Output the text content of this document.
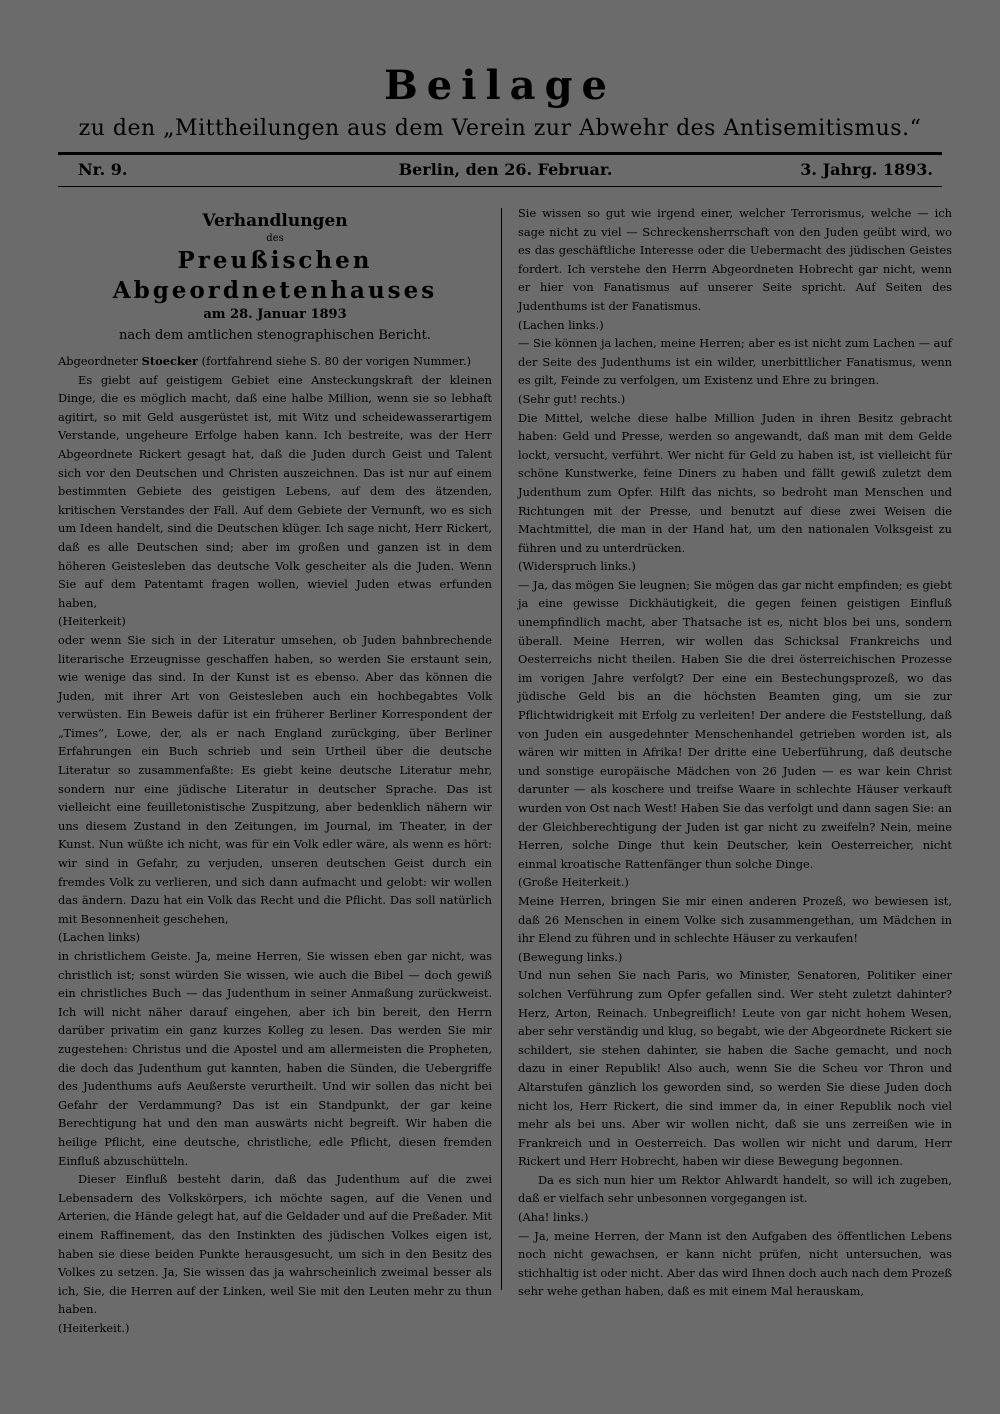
Beilage
zu den „Mittheilungen aus dem Verein zur Abwehr des Antisemitismus.“
Nr. 9.	Berlin, den 26. Februar.	3. Jahrg. 1893.
Verhandlungen
des
Preußischen Abgeordnetenhauses
am 28. Januar 1893
nach dem amtlichen stenographischen Bericht.

Abgeordneter Stoecker (fortfahrend siehe S. 80 der vorigen Nummer.)

Es giebt auf geistigem Gebiet eine Ansteckungskraft der kleinen Dinge, die es möglich macht, daß eine halbe Million, wenn sie so lebhaft agitirt, so mit Geld ausgerüstet ist, mit Witz und scheidewasserartigem Verstande, ungeheure Erfolge haben kann. Ich bestreite, was der Herr Abgeordnete Rickert gesagt hat, daß die Juden durch Geist und Talent sich vor den Deutschen und Christen auszeichnen. Das ist nur auf einem bestimmten Gebiete des geistigen Lebens, auf dem des ätzenden, kritischen Verstandes der Fall. Auf dem Gebiete der Vernunft, wo es sich um Ideen handelt, sind die Deutschen klüger. Ich sage nicht, Herr Rickert, daß es alle Deutschen sind; aber im großen und ganzen ist in dem höheren Geistesleben das deutsche Volk gescheiter als die Juden. Wenn Sie auf dem Patentamt fragen wollen, wieviel Juden etwas erfunden haben,

(Heiterkeit)

oder wenn Sie sich in der Literatur umsehen, ob Juden bahnbrechende literarische Erzeugnisse geschaffen haben, so werden Sie erstaunt sein, wie wenige das sind. In der Kunst ist es ebenso. Aber das können die Juden, mit ihrer Art von Geistesleben auch ein hochbegabtes Volk verwüsten. Ein Beweis dafür ist ein früherer Berliner Korrespondent der „Times“, Lowe, der, als er nach England zurückging, über Berliner Erfahrungen ein Buch schrieb und sein Urtheil über die deutsche Literatur so zusammenfaßte: Es giebt keine deutsche Literatur mehr, sondern nur eine jüdische Literatur in deutscher Sprache. Das ist vielleicht eine feuilletonistische Zuspitzung, aber bedenklich nähern wir uns diesem Zustand in den Zeitungen, im Journal, im Theater, in der Kunst. Nun wüßte ich nicht, was für ein Volk edler wäre, als wenn es hört: wir sind in Gefahr, zu verjuden, unseren deutschen Geist durch ein fremdes Volk zu verlieren, und sich dann aufmacht und gelobt: wir wollen das ändern. Dazu hat ein Volk das Recht und die Pflicht. Das soll natürlich mit Besonnenheit geschehen,

(Lachen links)

in christlichem Geiste. Ja, meine Herren, Sie wissen eben gar nicht, was christlich ist; sonst würden Sie wissen, wie auch die Bibel — doch gewiß ein christliches Buch — das Judenthum in seiner Anmaßung zurückweist. Ich will nicht näher darauf eingehen, aber ich bin bereit, den Herrn darüber privatim ein ganz kurzes Kolleg zu lesen. Das werden Sie mir zugestehen: Christus und die Apostel und am allermeisten die Propheten, die doch das Judenthum gut kannten, haben die Sünden, die Uebergriffe des Judenthums aufs Aeußerste verurtheilt. Und wir sollen das nicht bei Gefahr der Verdammung? Das ist ein Standpunkt, der gar keine Berechtigung hat und den man auswärts nicht begreift. Wir haben die heilige Pflicht, eine deutsche, christliche, edle Pflicht, diesen fremden Einfluß abzuschütteln.

Dieser Einfluß besteht darin, daß das Judenthum auf die zwei Lebensadern des Volkskörpers, ich möchte sagen, auf die Venen und Arterien, die Hände gelegt hat, auf die Geldader und auf die Preßader. Mit einem Raffinement, das den Instinkten des jüdischen Volkes eigen ist, haben sie diese beiden Punkte herausgesucht, um sich in den Besitz des Volkes zu setzen. Ja, Sie wissen das ja wahrscheinlich zweimal besser als ich, Sie, die Herren auf der Linken, weil Sie mit den Leuten mehr zu thun haben.

(Heiterkeit.)

Sie wissen so gut wie irgend einer, welcher Terrorismus, welche — ich sage nicht zu viel — Schreckensherrschaft von den Juden geübt wird, wo es das geschäftliche Interesse oder die Uebermacht des jüdischen Geistes fordert. Ich verstehe den Herrn Abgeordneten Hobrecht gar nicht, wenn er hier von Fanatismus auf unserer Seite spricht. Auf Seiten des Judenthums ist der Fanatismus.

(Lachen links.)

— Sie können ja lachen, meine Herren; aber es ist nicht zum Lachen — auf der Seite des Judenthums ist ein wilder, unerbittlicher Fanatismus, wenn es gilt, Feinde zu verfolgen, um Existenz und Ehre zu bringen.

(Sehr gut! rechts.)

Die Mittel, welche diese halbe Million Juden in ihren Besitz gebracht haben: Geld und Presse, werden so angewandt, daß man mit dem Gelde lockt, versucht, verführt. Wer nicht für Geld zu haben ist, ist vielleicht für schöne Kunstwerke, feine Diners zu haben und fällt gewiß zuletzt dem Judenthum zum Opfer. Hilft das nichts, so bedroht man Menschen und Richtungen mit der Presse, und benutzt auf diese zwei Weisen die Machtmittel, die man in der Hand hat, um den nationalen Volksgeist zu führen und zu unterdrücken.

(Widerspruch links.)

— Ja, das mögen Sie leugnen; Sie mögen das gar nicht empfinden; es giebt ja eine gewisse Dickhäutigkeit, die gegen feinen geistigen Einfluß unempfindlich macht, aber Thatsache ist es, nicht blos bei uns, sondern überall. Meine Herren, wir wollen das Schicksal Frankreichs und Oesterreichs nicht theilen. Haben Sie die drei österreichischen Prozesse im vorigen Jahre verfolgt? Der eine ein Bestechungsprozeß, wo das jüdische Geld bis an die höchsten Beamten ging, um sie zur Pflichtwidrigkeit mit Erfolg zu verleiten! Der andere die Feststellung, daß von Juden ein ausgedehnter Menschenhandel getrieben worden ist, als wären wir mitten in Afrika! Der dritte eine Ueberführung, daß deutsche und sonstige europäische Mädchen von 26 Juden — es war kein Christ darunter — als koschere und treifse Waare in schlechte Häuser verkauft wurden von Ost nach West! Haben Sie das verfolgt und dann sagen Sie: an der Gleichberechtigung der Juden ist gar nicht zu zweifeln? Nein, meine Herren, solche Dinge thut kein Deutscher, kein Oesterreicher, nicht einmal kroatische Rattenfänger thun solche Dinge.

(Große Heiterkeit.)

Meine Herren, bringen Sie mir einen anderen Prozeß, wo bewiesen ist, daß 26 Menschen in einem Volke sich zusammengethan, um Mädchen in ihr Elend zu führen und in schlechte Häuser zu verkaufen!

(Bewegung links.)

Und nun sehen Sie nach Paris, wo Minister, Senatoren, Politiker einer solchen Verführung zum Opfer gefallen sind. Wer steht zuletzt dahinter? Herz, Arton, Reinach. Unbegreiflich! Leute von gar nicht hohem Wesen, aber sehr verständig und klug, so begabt, wie der Abgeordnete Rickert sie schildert, sie stehen dahinter, sie haben die Sache gemacht, und noch dazu in einer Republik! Also auch, wenn Sie die Scheu vor Thron und Altarstufen gänzlich los geworden sind, so werden Sie diese Juden doch nicht los, Herr Rickert, die sind immer da, in einer Republik noch viel mehr als bei uns. Aber wir wollen nicht, daß sie uns zerreißen wie in Frankreich und in Oesterreich. Das wollen wir nicht und darum, Herr Rickert und Herr Hobrecht, haben wir diese Bewegung begonnen.

Da es sich nun hier um Rektor Ahlwardt handelt, so will ich zugeben, daß er vielfach sehr unbesonnen vorgegangen ist.

(Aha! links.)

— Ja, meine Herren, der Mann ist den Aufgaben des öffentlichen Lebens noch nicht gewachsen, er kann nicht prüfen, nicht untersuchen, was stichhaltig ist oder nicht. Aber das wird Ihnen doch auch nach dem Prozeß sehr wehe gethan haben, daß es mit einem Mal herauskam,
